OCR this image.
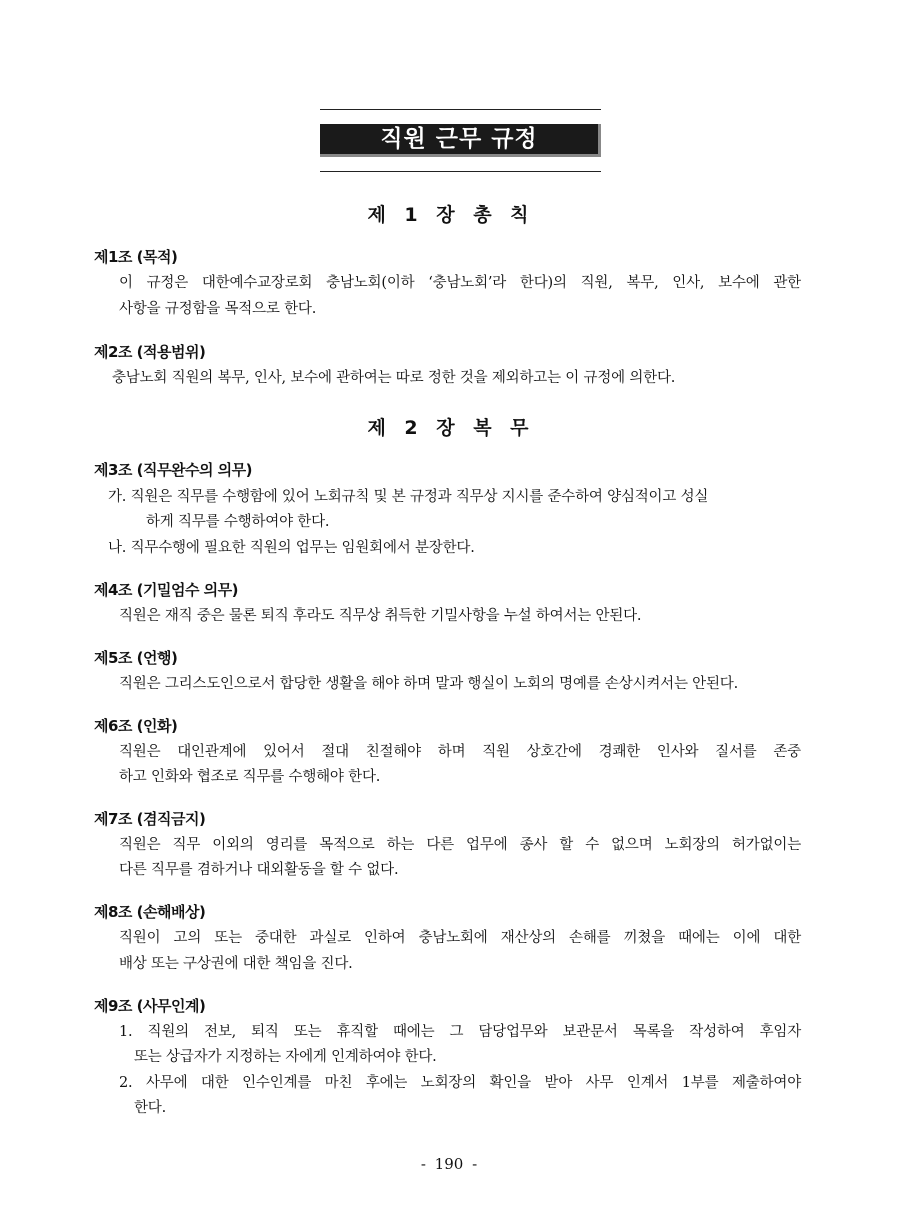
직원 근무 규정
제 1 장 총 칙
제1조 (목적)
이 규정은 대한예수교장로회 충남노회(이하 ‘충남노회’라 한다)의 직원, 복무, 인사, 보수에 관한
사항을 규정함을 목적으로 한다.
제2조 (적용범위)
충남노회 직원의 복무, 인사, 보수에 관하여는 따로 정한 것을 제외하고는 이 규정에 의한다.
제 2 장 복 무
제3조 (직무완수의 의무)
가. 직원은 직무를 수행함에 있어 노회규칙 및 본 규정과 직무상 지시를 준수하여 양심적이고 성실
하게 직무를 수행하여야 한다.
나. 직무수행에 필요한 직원의 업무는 임원회에서 분장한다.
제4조 (기밀엄수 의무)
직원은 재직 중은 물론 퇴직 후라도 직무상 취득한 기밀사항을 누설 하여서는 안된다.
제5조 (언행)
직원은 그리스도인으로서 합당한 생활을 해야 하며 말과 행실이 노회의 명예를 손상시켜서는 안된다.
제6조 (인화)
직원은 대인관계에 있어서 절대 친절해야 하며 직원 상호간에 경쾌한 인사와 질서를 존중
하고 인화와 협조로 직무를 수행해야 한다.
제7조 (겸직금지)
직원은 직무 이외의 영리를 목적으로 하는 다른 업무에 종사 할 수 없으며 노회장의 허가없이는
다른 직무를 겸하거나 대외활동을 할 수 없다.
제8조 (손해배상)
직원이 고의 또는 중대한 과실로 인하여 충남노회에 재산상의 손해를 끼쳤을 때에는 이에 대한
배상 또는 구상권에 대한 책임을 진다.
제9조 (사무인계)
1. 직원의 전보, 퇴직 또는 휴직할 때에는 그 담당업무와 보관문서 목록을 작성하여 후임자
또는 상급자가 지정하는 자에게 인계하여야 한다.
2. 사무에 대한 인수인계를 마친 후에는 노회장의 확인을 받아 사무 인계서 1부를 제출하여야
한다.
- 190 -
